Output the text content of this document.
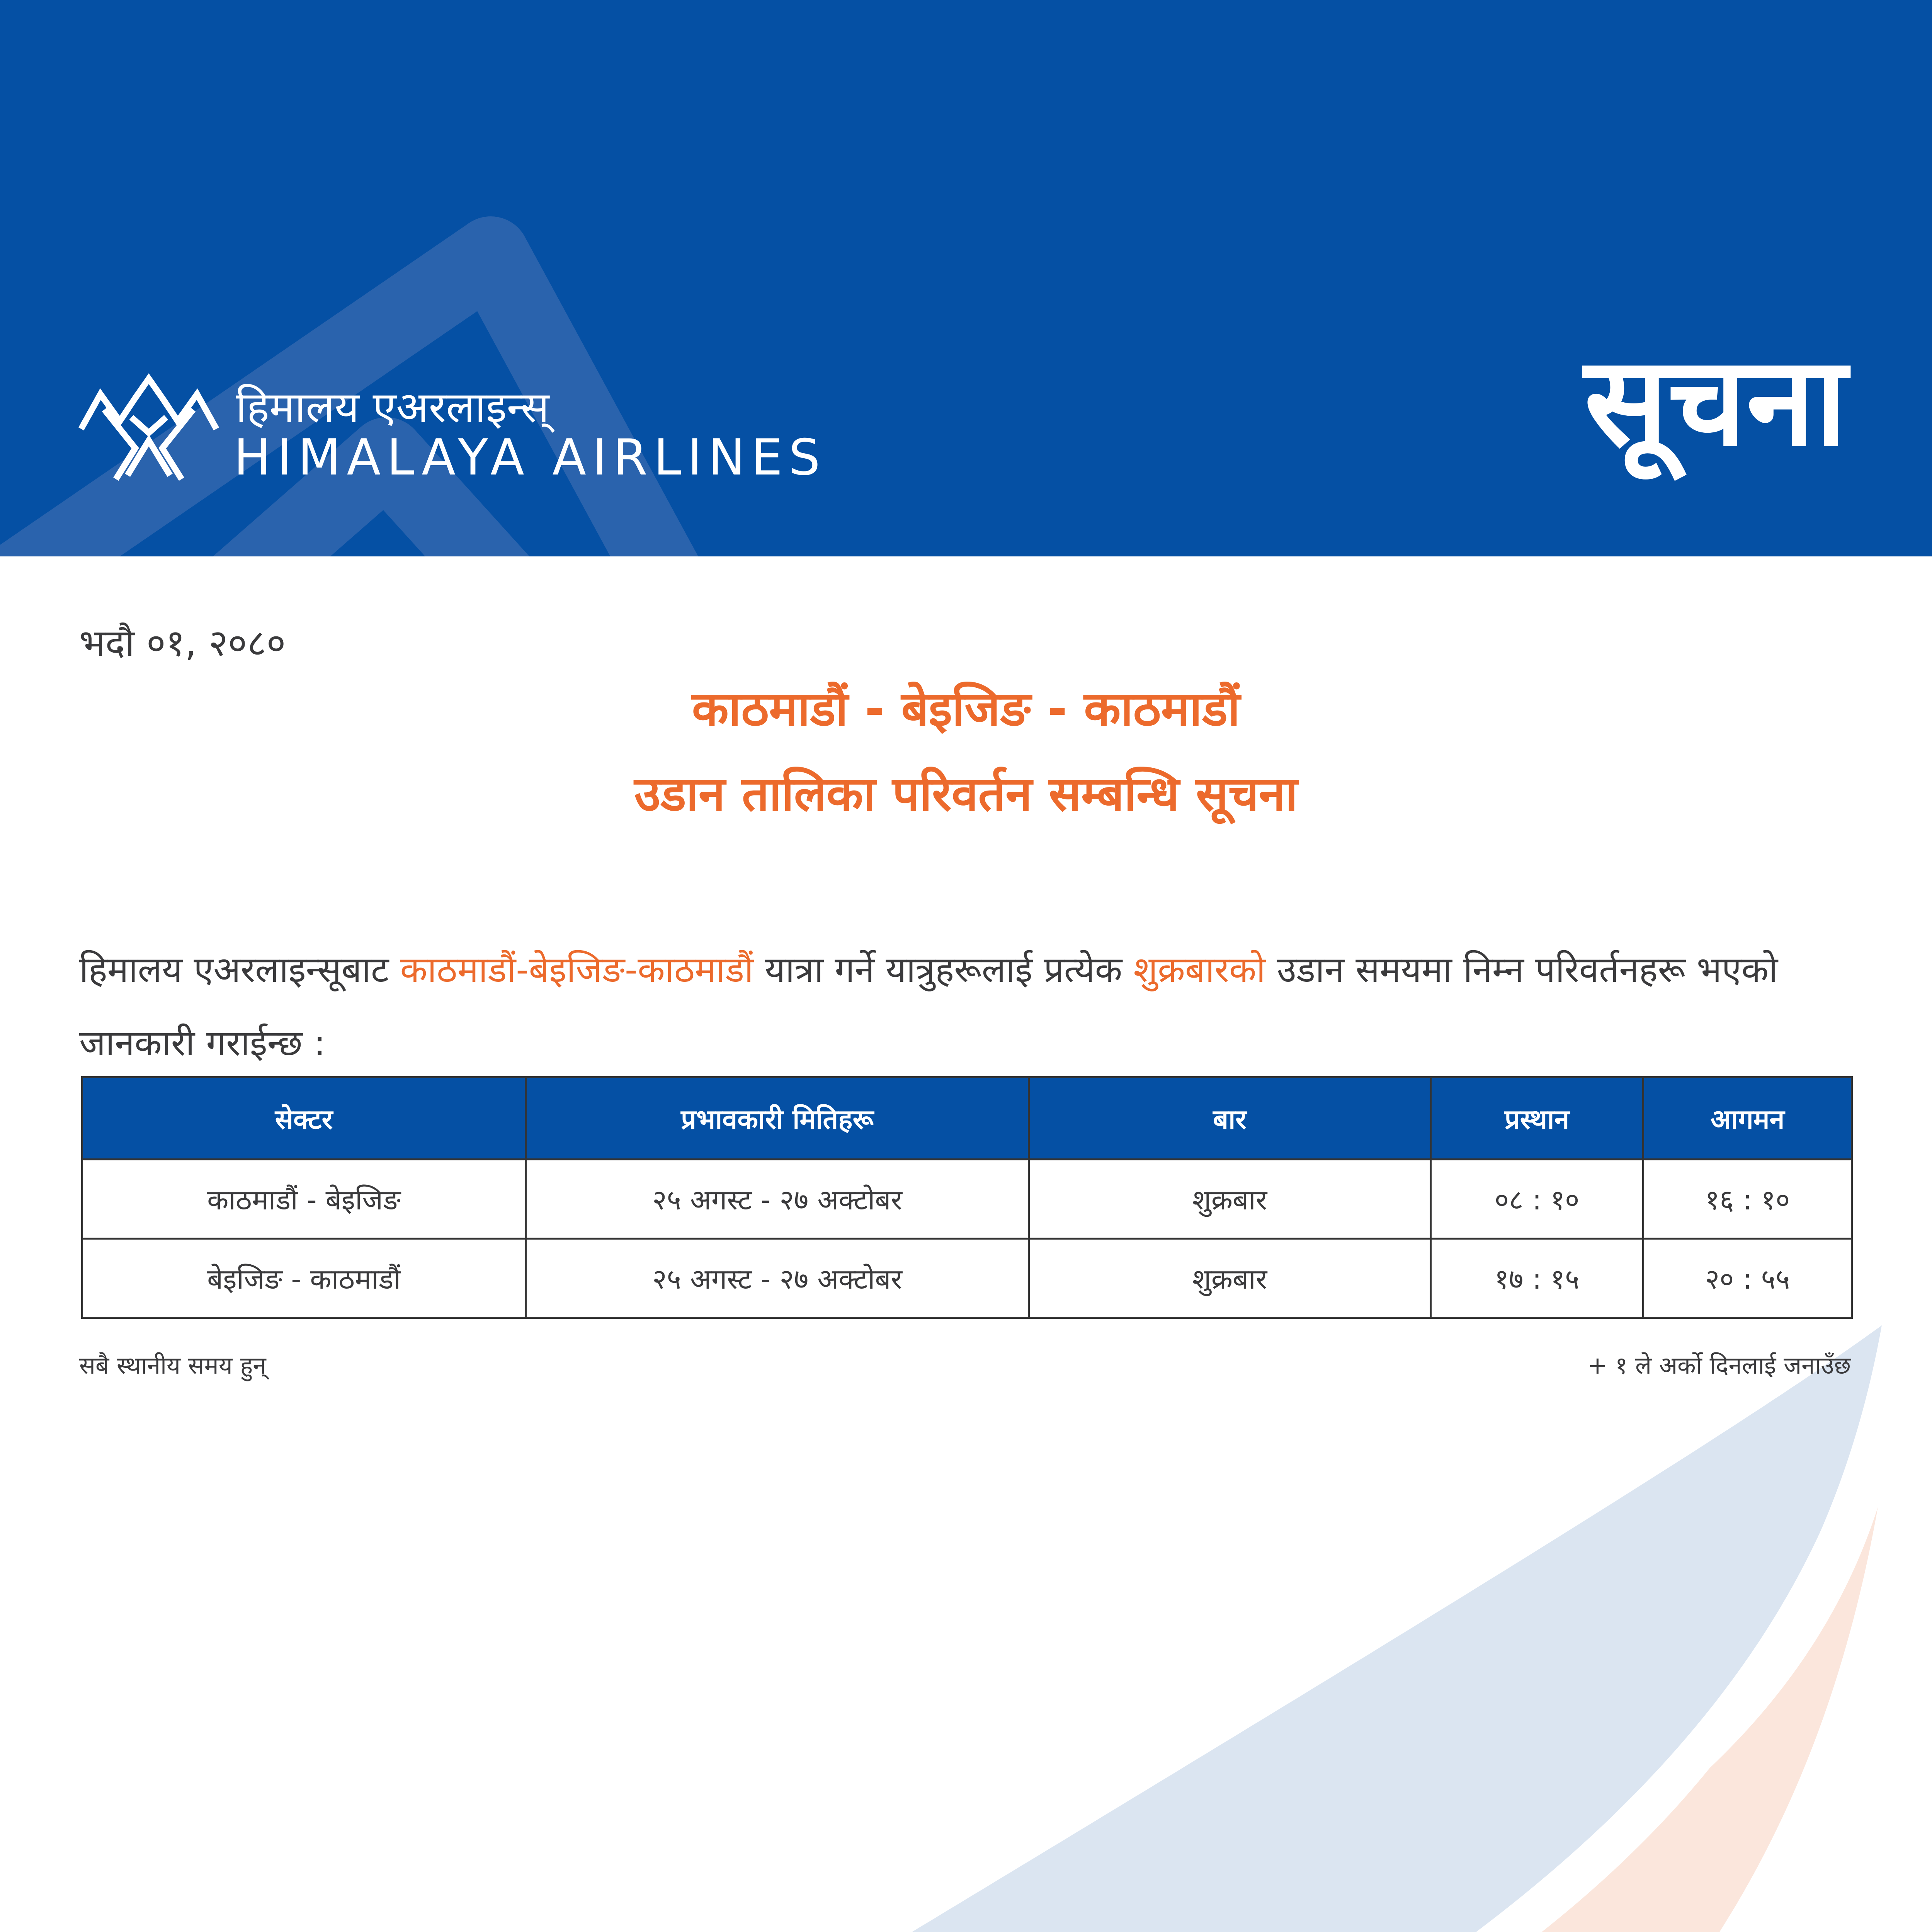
हिमालय एअरलाइन्स्
HIMALAYA AIRLINES	सूचना
भदौ ०१, २०८०
काठमाडौं - बेइजिङ - काठमाडौं
उडान तालिका परिवर्तन सम्बन्धि सूचना
हिमालय एअरलाइन्सूबाट काठमाडौं-बेइजिङ-काठमाडौं यात्रा गर्ने यात्रुहरूलाई प्रत्येक शुक्रबारको उडान समयमा निम्न परिवर्तनहरू भएको जानकारी गराईन्छ :
सेक्टर	प्रभावकारी मितिहरू	बार	प्रस्थान	आगमन
काठमाडौं - बेइजिङ	२५ अगस्ट - २७ अक्टोबर	शुक्रबार	०८ : १०	१६ : १०
बेइजिङ - काठमाडौं	२५ अगस्ट - २७ अक्टोबर	शुक्रबार	१७ : १५	२० : ५५
सबै स्थानीय समय हुन्	+ १ ले अर्को दिनलाई जनाउँछ
